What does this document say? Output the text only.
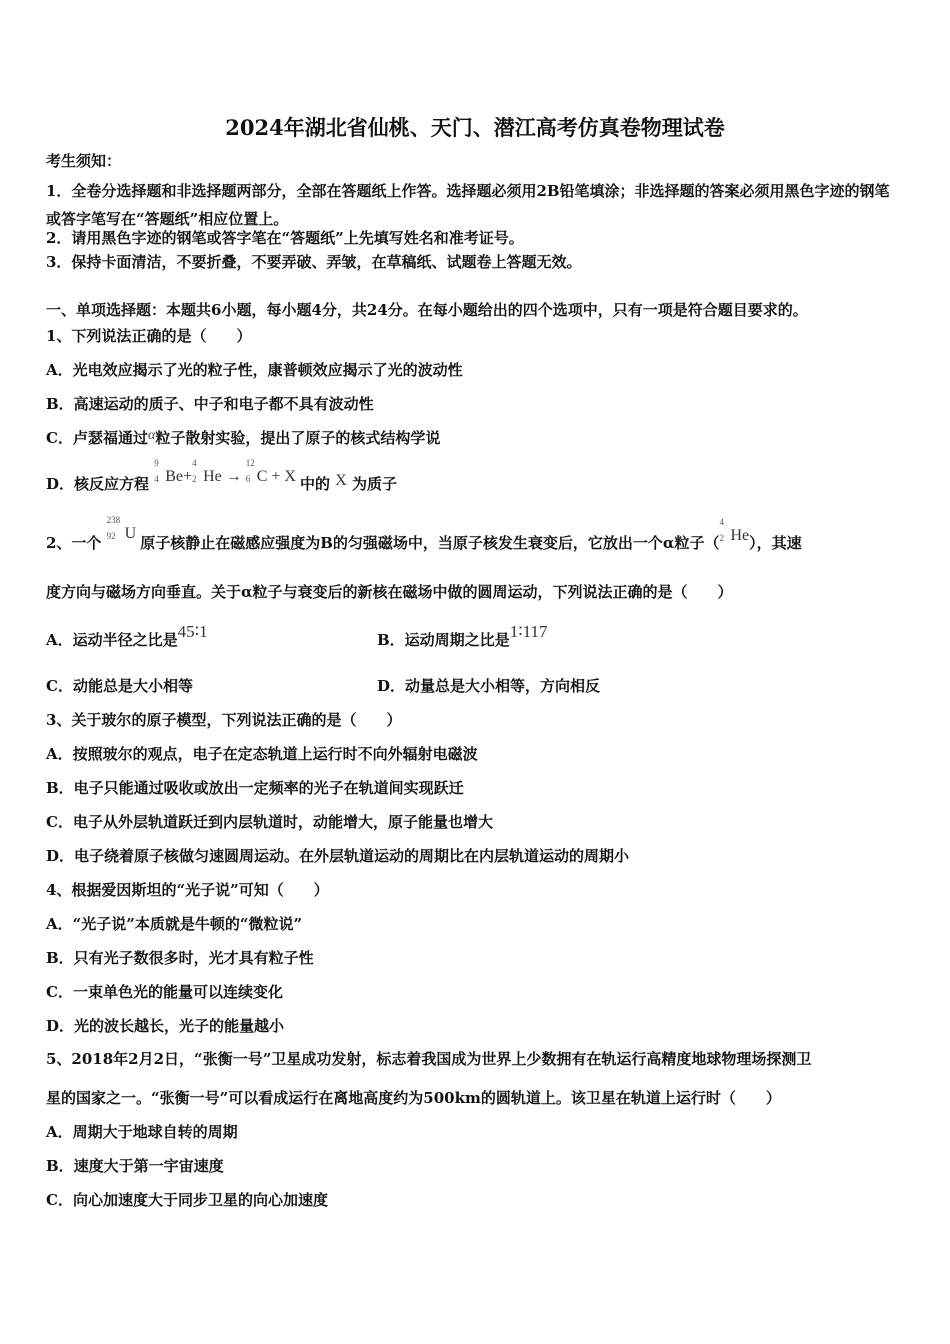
2024年湖北省仙桃、天门、潜江高考仿真卷物理试卷
考生须知：
1．全卷分选择题和非选择题两部分，全部在答题纸上作答。选择题必须用2B铅笔填涂；非选择题的答案必须用黑色字迹的钢笔或答字笔写在“答题纸”相应位置上。
2．请用黑色字迹的钢笔或答字笔在“答题纸”上先填写姓名和准考证号。
3．保持卡面清洁，不要折叠，不要弄破、弄皱，在草稿纸、试题卷上答题无效。
一、单项选择题：本题共6小题，每小题4分，共24分。在每小题给出的四个选项中，只有一项是符合题目要求的。
1、下列说法正确的是（　　）
A．光电效应揭示了光的粒子性，康普顿效应揭示了光的波动性
B．高速运动的质子、中子和电子都不具有波动性
C．卢瑟福通过α粒子散射实验，提出了原子的核式结构学说
D．核反应方程
9
4 Be+
4
2 He →
12
6 C + X 中的 X 为质子
2、一个
238
92 U 原子核静止在磁感应强度为B的匀强磁场中，当原子核发生衰变后，它放出一个α粒子（
4
2 He），其速
度方向与磁场方向垂直。关于α粒子与衰变后的新核在磁场中做的圆周运动，下列说法正确的是（　　）
A．运动半径之比是45∶1	B．运动周期之比是1∶117
C．动能总是大小相等	D．动量总是大小相等，方向相反
3、关于玻尔的原子模型，下列说法正确的是（　　）
A．按照玻尔的观点，电子在定态轨道上运行时不向外辐射电磁波
B．电子只能通过吸收或放出一定频率的光子在轨道间实现跃迁
C．电子从外层轨道跃迁到内层轨道时，动能增大，原子能量也增大
D．电子绕着原子核做匀速圆周运动。在外层轨道运动的周期比在内层轨道运动的周期小
4、根据爱因斯坦的“光子说”可知（　　）
A．“光子说”本质就是牛顿的“微粒说”
B．只有光子数很多时，光才具有粒子性
C．一束单色光的能量可以连续变化
D．光的波长越长，光子的能量越小
5、2018年2月2日，“张衡一号”卫星成功发射，标志着我国成为世界上少数拥有在轨运行高精度地球物理场探测卫
星的国家之一。“张衡一号”可以看成运行在离地高度约为500km的圆轨道上。该卫星在轨道上运行时（　　）
A．周期大于地球自转的周期
B．速度大于第一宇宙速度
C．向心加速度大于同步卫星的向心加速度
